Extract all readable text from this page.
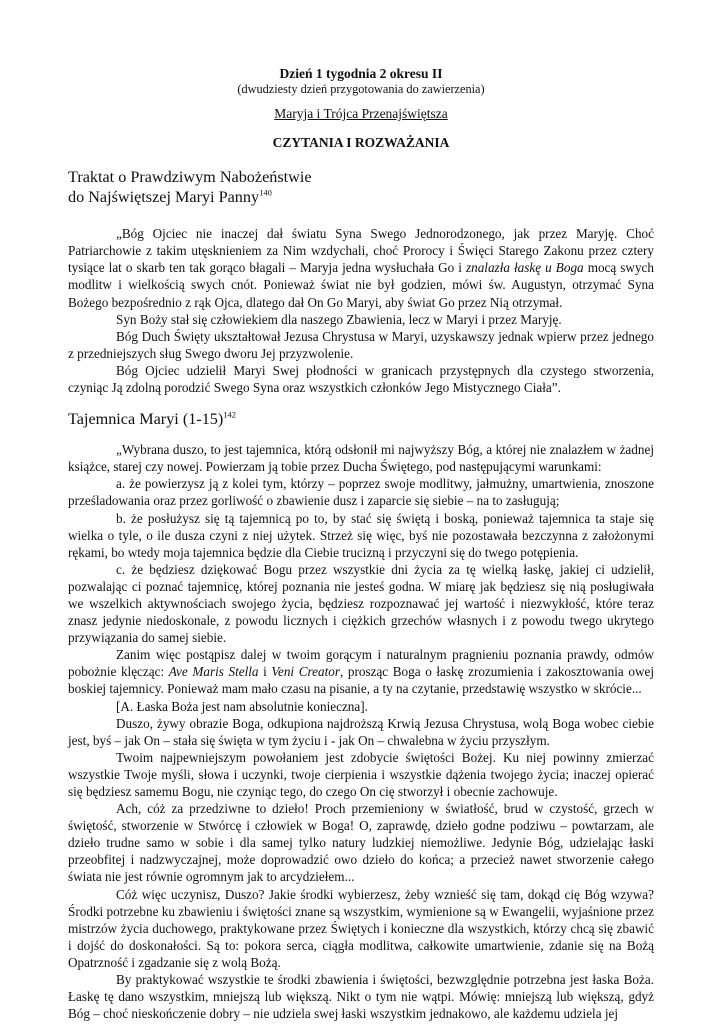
Dzień 1 tygodnia 2 okresu II
(dwudziesty dzień przygotowania do zawierzenia)
Maryja i Trójca Przenajświętsza
CZYTANIA I ROZWAŻANIA
Traktat o Prawdziwym Nabożeństwie
do Najświętszej Maryi Panny$^{140}$

„Bóg Ojciec nie inaczej dał światu Syna Swego Jednorodzonego, jak przez Maryję. Choć Patriarchowie z takim utęsknieniem za Nim wzdychali, choć Prorocy i Święci Starego Zakonu przez cztery tysiące lat o skarb ten tak gorąco błagali – Maryja jedna wysłuchała Go i znalazła łaskę u Boga mocą swych modlitw i wielkością swych cnót. Ponieważ świat nie był godzien, mówi św. Augustyn, otrzymać Syna Bożego bezpośrednio z rąk Ojca, dlatego dał On Go Maryi, aby świat Go przez Nią otrzymał.

Syn Boży stał się człowiekiem dla naszego Zbawienia, lecz w Maryi i przez Maryję.

Bóg Duch Święty ukształtował Jezusa Chrystusa w Maryi, uzyskawszy jednak wpierw przez jednego z przedniejszych sług Swego dworu Jej przyzwolenie.

Bóg Ojciec udzielił Maryi Swej płodności w granicach przystępnych dla czystego stworzenia, czyniąc Ją zdolną porodzić Swego Syna oraz wszystkich członków Jego Mistycznego Ciała”.

Tajemnica Maryi $(1-15)^{142}$

„Wybrana duszo, to jest tajemnica, którą odsłonił mi najwyższy Bóg, a której nie znalazłem w żadnej książce, starej czy nowej. Powierzam ją tobie przez Ducha Świętego, pod następującymi warunkami:

a. że powierzysz ją z kolei tym, którzy – poprzez swoje modlitwy, jałmużny, umartwienia, znoszone prześladowania oraz przez gorliwość o zbawienie dusz i zaparcie się siebie – na to zasługują;

b. że posłużysz się tą tajemnicą po to, by stać się świętą i boską, ponieważ tajemnica ta staje się wielka o tyle, o ile dusza czyni z niej użytek. Strzeż się więc, byś nie pozostawała bezczynna z założonymi rękami, bo wtedy moja tajemnica będzie dla Ciebie trucizną i przyczyni się do twego potępienia.

c. że będziesz dziękować Bogu przez wszystkie dni życia za tę wielką łaskę, jakiej ci udzielił, pozwalając ci poznać tajemnicę, której poznania nie jesteś godna. W miarę jak będziesz się nią posługiwała we wszelkich aktywnościach swojego życia, będziesz rozpoznawać jej wartość i niezwykłość, które teraz znasz jedynie niedoskonale, z powodu licznych i ciężkich grzechów własnych i z powodu twego ukrytego przywiązania do samej siebie.

Zanim więc postąpisz dalej w twoim gorącym i naturalnym pragnieniu poznania prawdy, odmów pobożnie klęcząc: Ave Maris Stella i Veni Creator, prosząc Boga o łaskę zrozumienia i zakosztowania owej boskiej tajemnicy. Ponieważ mam mało czasu na pisanie, a ty na czytanie, przedstawię wszystko w skrócie...

[A. Łaska Boża jest nam absolutnie konieczna].

Duszo, żywy obrazie Boga, odkupiona najdroższą Krwią Jezusa Chrystusa, wolą Boga wobec ciebie jest, byś – jak On – stała się święta w tym życiu i - jak On – chwalebna w życiu przyszłym.

Twoim najpewniejszym powołaniem jest zdobycie świętości Bożej. Ku niej powinny zmierzać wszystkie Twoje myśli, słowa i uczynki, twoje cierpienia i wszystkie dążenia twojego życia; inaczej opierać się będziesz samemu Bogu, nie czyniąc tego, do czego On cię stworzył i obecnie zachowuje.

Ach, cóż za przedziwne to dzieło! Proch przemieniony w światłość, brud w czystość, grzech w świętość, stworzenie w Stwórcę i człowiek w Boga! O, zaprawdę, dzieło godne podziwu – powtarzam, ale dzieło trudne samo w sobie i dla samej tylko natury ludzkiej niemożliwe. Jedynie Bóg, udzielając łaski przeobfitej i nadzwyczajnej, może doprowadzić owo dzieło do końca; a przecież nawet stworzenie całego świata nie jest równie ogromnym jak to arcydziełem...

Cóż więc uczynisz, Duszo? Jakie środki wybierzesz, żeby wznieść się tam, dokąd cię Bóg wzywa? Środki potrzebne ku zbawieniu i świętości znane są wszystkim, wymienione są w Ewangelii, wyjaśnione przez mistrzów życia duchowego, praktykowane przez Świętych i konieczne dla wszystkich, którzy chcą się zbawić i dojść do doskonałości. Są to: pokora serca, ciągła modlitwa, całkowite umartwienie, zdanie się na Bożą Opatrzność i zgadzanie się z wolą Bożą.

By praktykować wszystkie te środki zbawienia i świętości, bezwzględnie potrzebna jest łaska Boża. Łaskę tę dano wszystkim, mniejszą lub większą. Nikt o tym nie wątpi. Mówię: mniejszą lub większą, gdyż Bóg – choć nieskończenie dobry – nie udziela swej łaski wszystkim jednakowo, ale każdemu udziela jej
